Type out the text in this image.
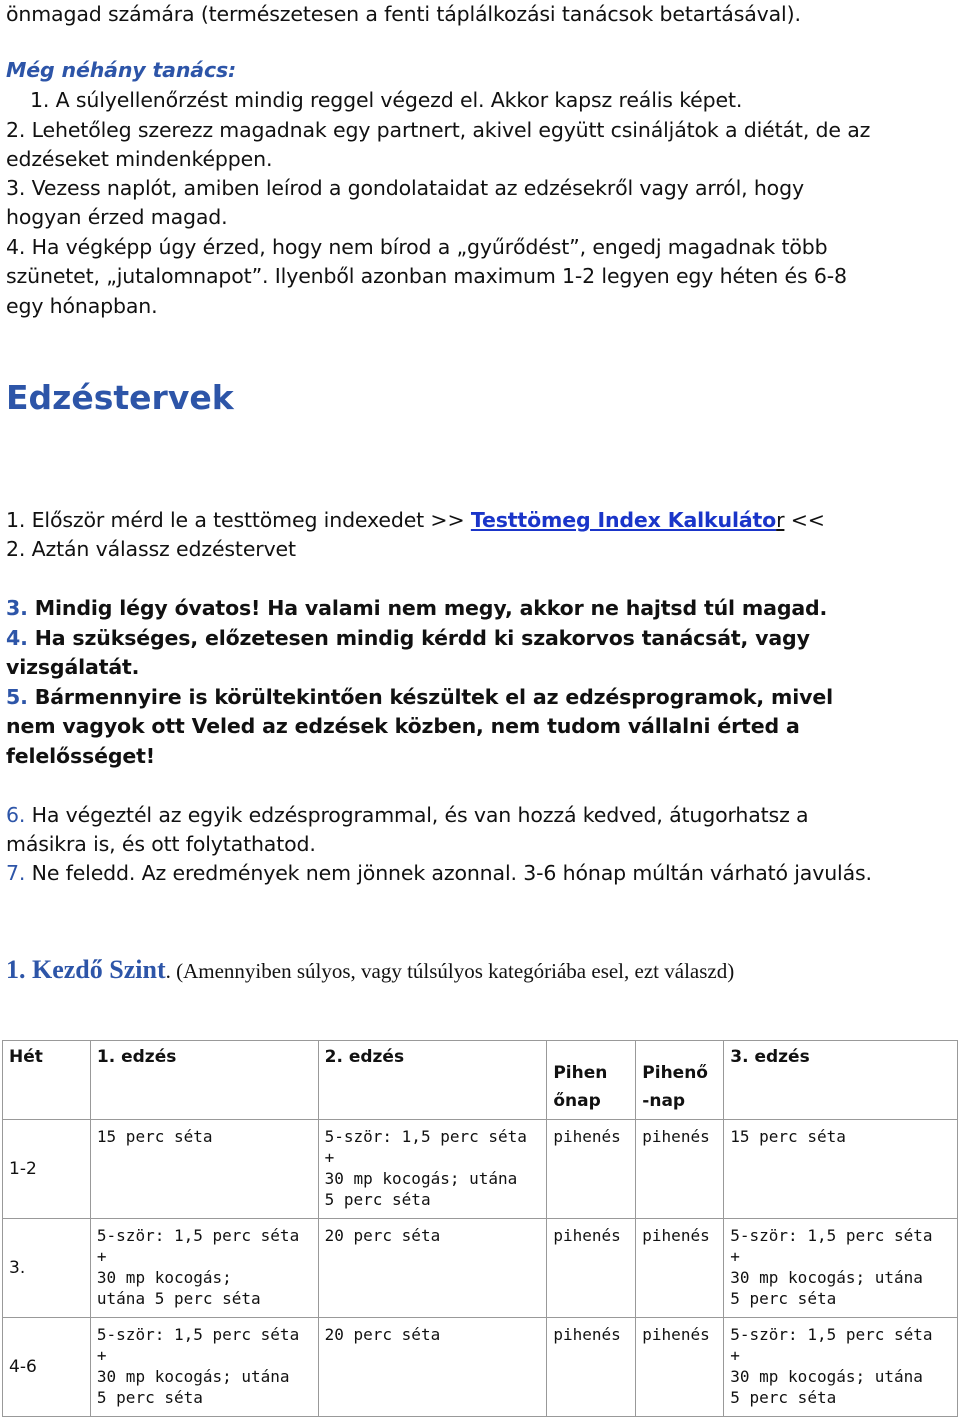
önmagad számára (természetesen a fenti táplálkozási tanácsok betartásával).
Még néhány tanács:
1. A súlyellenőrzést mindig reggel végezd el. Akkor kapsz reális képet.
2. Lehetőleg szerezz magadnak egy partnert, akivel együtt csináljátok a diétát, de az
edzéseket mindenképpen.
3. Vezess naplót, amiben leírod a gondolataidat az edzésekről vagy arról, hogy
hogyan érzed magad.
4. Ha végképp úgy érzed, hogy nem bírod a „gyűrődést”, engedj magadnak több
szünetet, „jutalomnapot”. Ilyenből azonban maximum 1-2 legyen egy héten és 6-8
egy hónapban.
Edzéstervek
1. Először mérd le a testtömeg indexedet >> Testtömeg Index Kalkulátor <<
2. Aztán válassz edzéstervet
3. Mindig légy óvatos! Ha valami nem megy, akkor ne hajtsd túl magad.
4. Ha szükséges, előzetesen mindig kérdd ki szakorvos tanácsát, vagy
vizsgálatát.
5. Bármennyire is körültekintően készültek el az edzésprogramok, mivel
nem vagyok ott Veled az edzések közben, nem tudom vállalni érted a
felelősséget!
6. Ha végeztél az egyik edzésprogrammal, és van hozzá kedved, átugorhatsz a
másikra is, és ott folytathatod.
7. Ne feledd. Az eredmények nem jönnek azonnal. 3-6 hónap múltán várható javulás.
1. Kezdő Szint. (Amennyiben súlyos, vagy túlsúlyos kategóriába esel, ezt válaszd)
Hét	1. edzés	2. edzés	Pihen
őnap	Pihenő
-nap	3. edzés

1-2	15 perc séta	5-ször: 1,5 perc séta +
30 mp kocogás; utána
5 perc séta	pihenés	pihenés	15 perc séta

3.	5-ször: 1,5 perc séta +
30 mp kocogás;
utána 5 perc séta	20 perc séta	pihenés	pihenés	5-ször: 1,5 perc séta +
30 mp kocogás; utána
5 perc séta

4-6	5-ször: 1,5 perc séta +
30 mp kocogás; utána
5 perc séta	20 perc séta	pihenés	pihenés	5-ször: 1,5 perc séta +
30 mp kocogás; utána
5 perc séta
